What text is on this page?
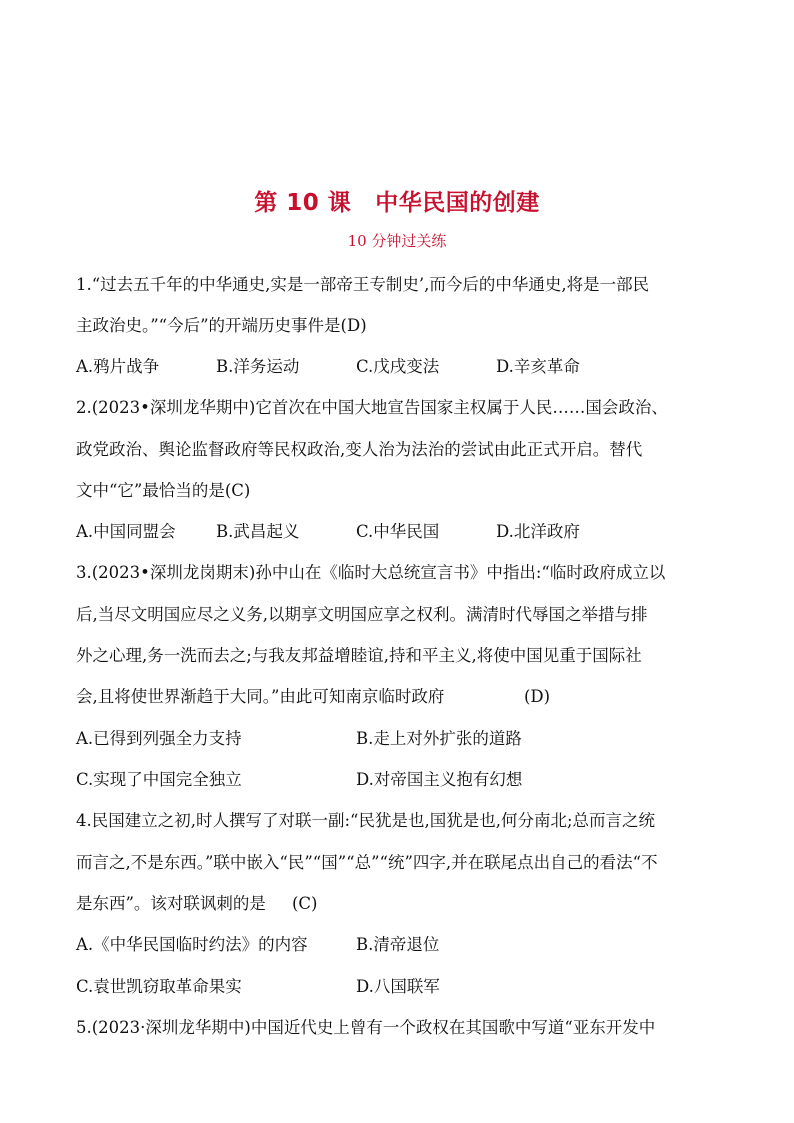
第 10 课 中华民国的创建
10 分钟过关练
1.“过去五千年的中华通史,实是一部帝王专制史’,而今后的中华通史,将是一部民
主政治史。”“今后”的开端历史事件是(D)
A.鸦片战争	B.洋务运动	C.戊戌变法	D.辛亥革命
2.(2023•深圳龙华期中)它首次在中国大地宣告国家主权属于人民……国会政治、
政党政治、舆论监督政府等民权政治,变人治为法治的尝试由此正式开启。替代
文中“它”最恰当的是(C)
A.中国同盟会 B.武昌起义	C.中华民国	D.北洋政府
3.(2023•深圳龙岗期末)孙中山在《临时大总统宣言书》中指出:“临时政府成立以
后,当尽文明国应尽之义务,以期享文明国应享之权利。满清时代辱国之举措与排
外之心理,务一洗而去之;与我友邦益增睦谊,持和平主义,将使中国见重于国际社
会,且将使世界渐趋于大同。”由此可知南京临时政府	(D)
A.已得到列强全力支持	B.走上对外扩张的道路
C.实现了中国完全独立	D.对帝国主义抱有幻想
4.民国建立之初,时人撰写了对联一副:“民犹是也,国犹是也,何分南北;总而言之统
而言之,不是东西。”联中嵌入“民”“国”“总”“统”四字,并在联尾点出自己的看法“不
是东西”。该对联讽刺的是	(C)
A.《中华民国临时约法》的内容	B.清帝退位
C.袁世凯窃取革命果实	D.八国联军
5.(2023·深圳龙华期中)中国近代史上曾有一个政权在其国歌中写道“亚东开发中
